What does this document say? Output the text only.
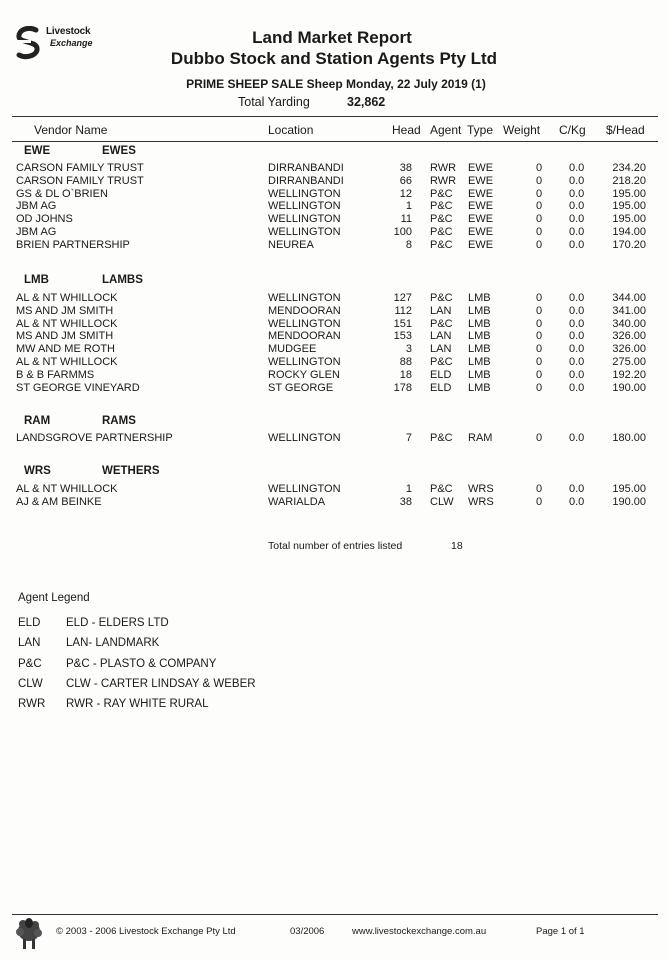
Livestock
Exchange	Land Market Report
Dubbo Stock and Station Agents Pty Ltd
PRIME SHEEP SALE Sheep Monday, 22 July 2019 (1)
Total Yarding	32,862
Vendor Name	Location	Head Agent Type Weight C/Kg $/Head
EWE	EWES
CARSON FAMILY TRUST	DIRRANBANDI	38 RWR EWE	0 0.0	234.20
CARSON FAMILY TRUST	DIRRANBANDI	66 RWR EWE	0 0.0	218.20
GS & DL O`BRIEN	WELLINGTON	12 P&C EWE	0 0.0	195.00
JBM AG	WELLINGTON	1 P&C EWE	0 0.0	195.00
OD JOHNS	WELLINGTON	11 P&C EWE	0 0.0	195.00
JBM AG	WELLINGTON	100 P&C EWE	0 0.0	194.00
BRIEN PARTNERSHIP	NEUREA	8 P&C EWE	0 0.0	170.20
LMB	LAMBS
AL & NT WHILLOCK	WELLINGTON	127 P&C LMB	0 0.0	344.00
MS AND JM SMITH	MENDOORAN	112 LAN LMB	0 0.0	341.00
AL & NT WHILLOCK	WELLINGTON	151 P&C LMB	0 0.0	340.00
MS AND JM SMITH	MENDOORAN	153 LAN LMB	0 0.0	326.00
MW AND ME ROTH	MUDGEE	3 LAN LMB	0 0.0	326.00
AL & NT WHILLOCK	WELLINGTON	88 P&C LMB	0 0.0	275.00
B & B FARMMS	ROCKY GLEN	18 ELD LMB	0 0.0	192.20
ST GEORGE VINEYARD	ST GEORGE	178 ELD LMB	0 0.0	190.00
RAM	RAMS
LANDSGROVE PARTNERSHIP	WELLINGTON	7 P&C RAM	0 0.0	180.00
WRS	WETHERS
AL & NT WHILLOCK	WELLINGTON	1 P&C WRS	0 0.0	195.00
AJ & AM BEINKE	WARIALDA	38 CLW WRS	0 0.0	190.00
Total number of entries listed	18
Agent Legend
ELD ELD - ELDERS LTD
LAN LAN- LANDMARK
P&C P&C - PLASTO & COMPANY
CLW CLW - CARTER LINDSAY & WEBER
RWR RWR - RAY WHITE RURAL
© 2003 - 2006 Livestock Exchange Pty Ltd	03/2006	www.livestockexchange.com.au	Page 1 of 1
